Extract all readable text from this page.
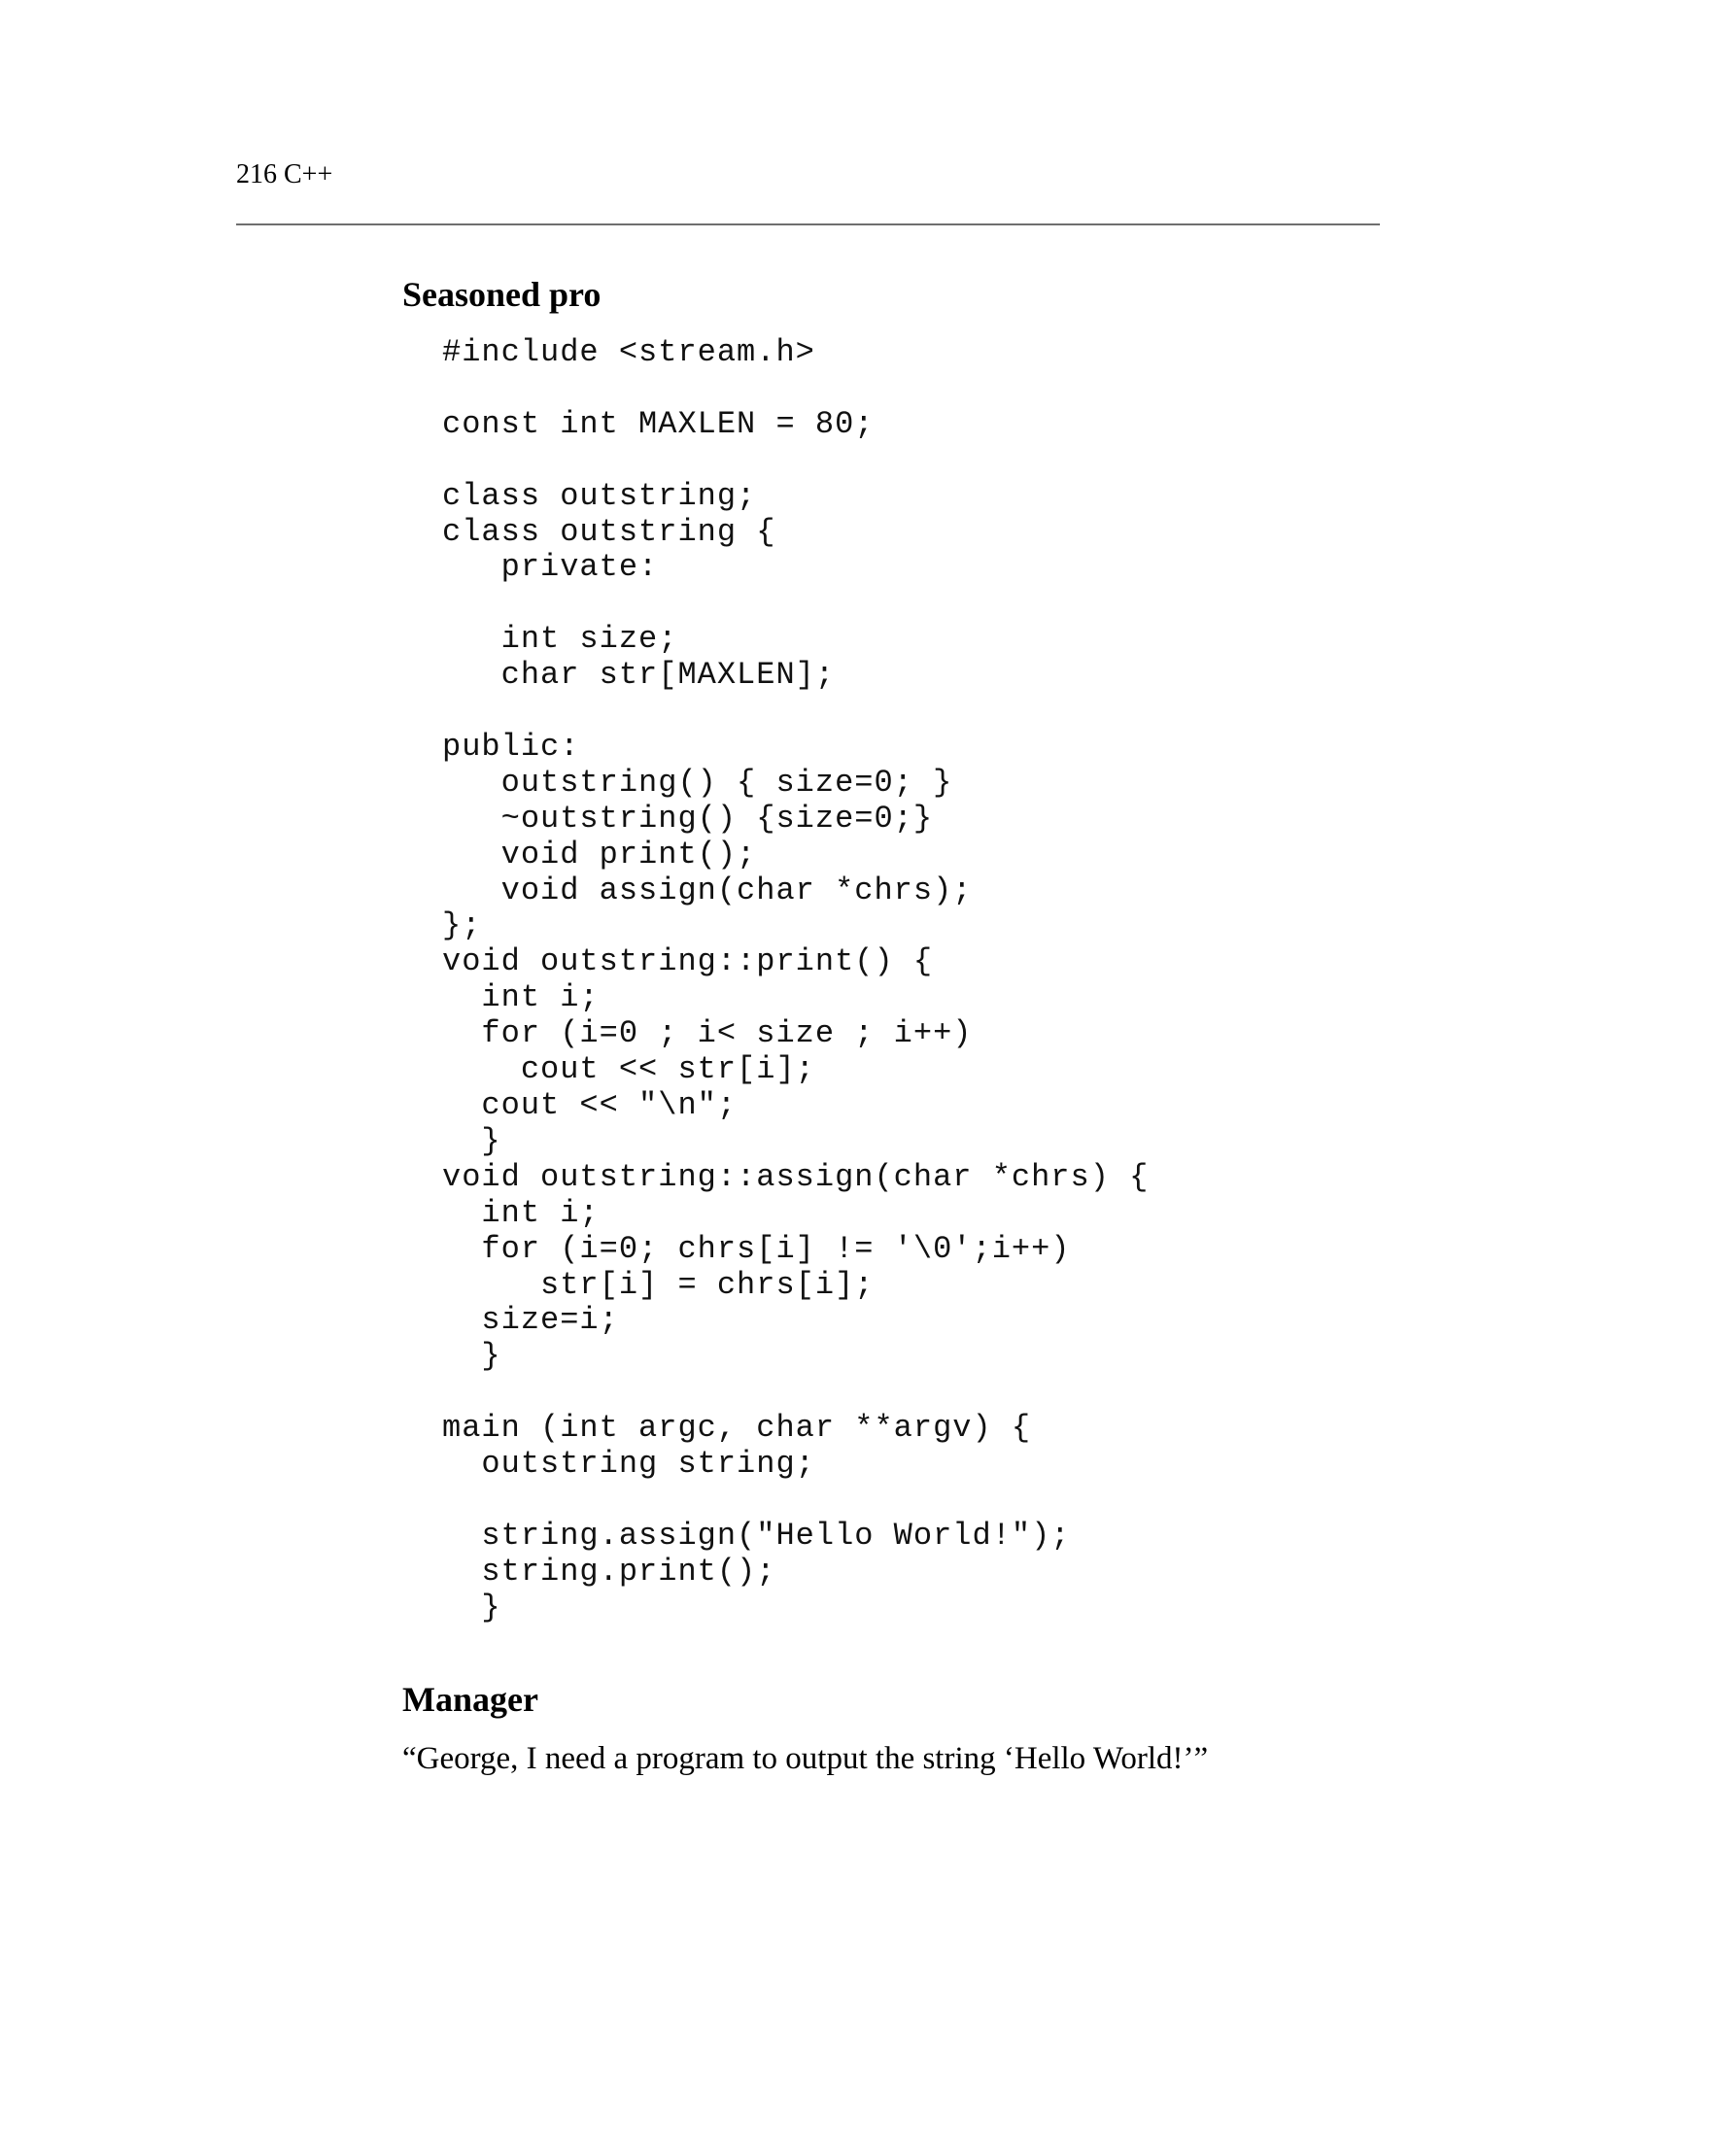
216 C++
Seasoned pro
#include <stream.h>
const int MAXLEN = 80;
class outstring;
class outstring {
private:
int size;
char str[MAXLEN];
public:
outstring() { size=0; }
~outstring() {size=0;}
void print();
void assign(char *chrs);
};
void outstring::print() {
int i;
for (i=0 ; i< size ; i++)
cout << str[i];
cout << "\n";
}
void outstring::assign(char *chrs) {
int i;
for (i=0; chrs[i] != '\0';i++)
str[i] = chrs[i];
size=i;
}
main (int argc, char **argv) {
outstring string;
string.assign("Hello World!");
string.print();
}
Manager
“George, I need a program to output the string ‘Hello World!’”
